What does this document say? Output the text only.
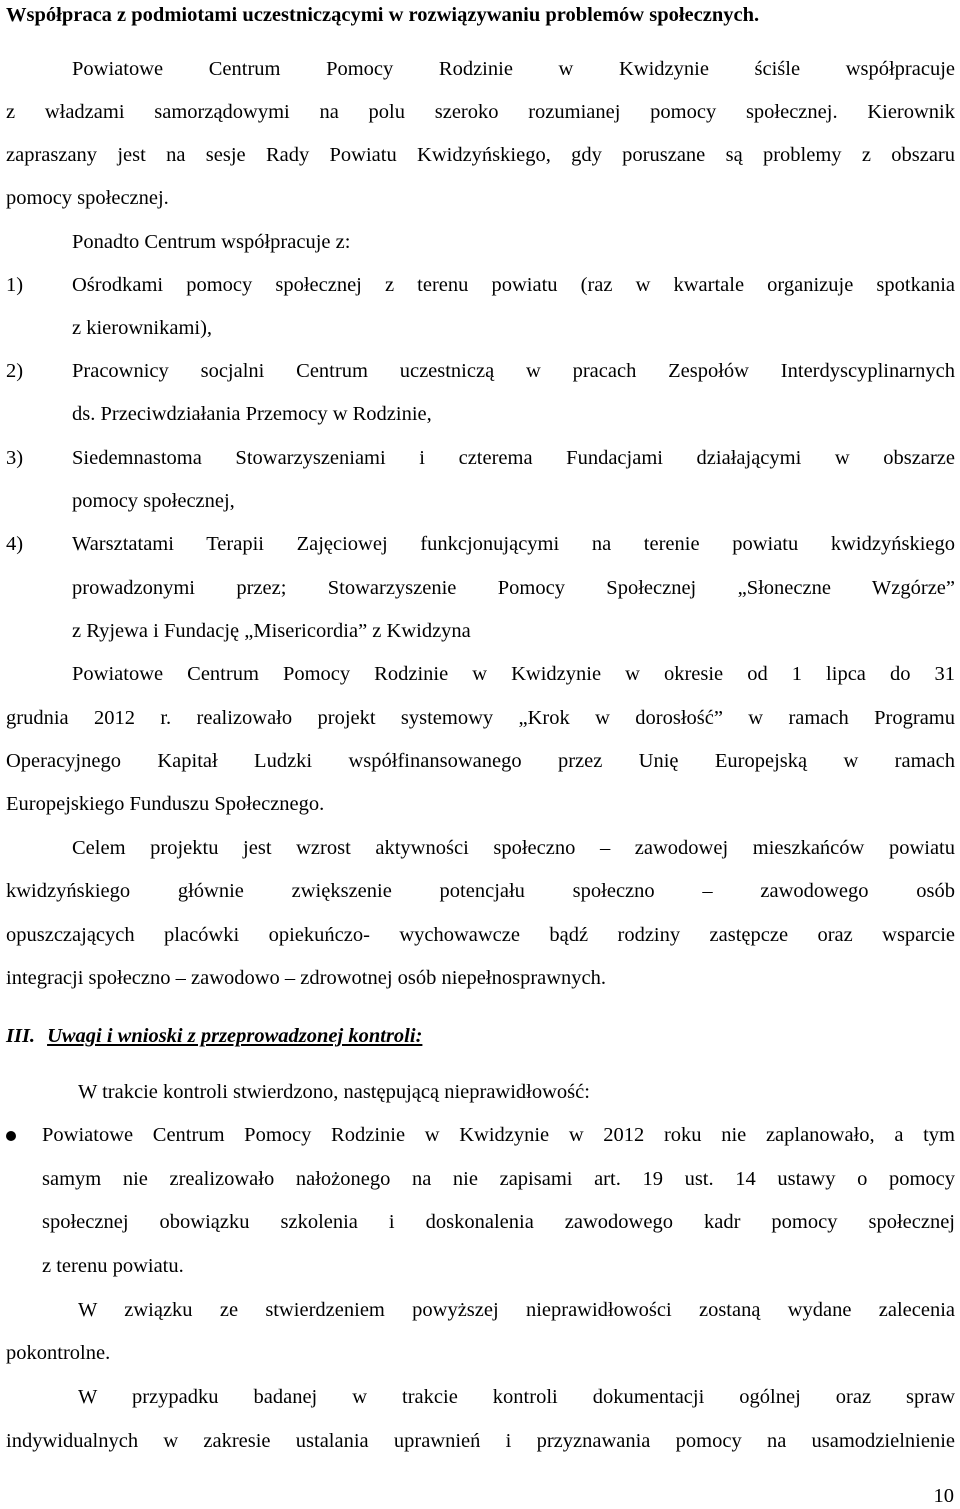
Współpraca z podmiotami uczestniczącymi w rozwiązywaniu problemów społecznych.
Powiatowe Centrum Pomocy Rodzinie w Kwidzynie ściśle współpracuje
z władzami samorządowymi na polu szeroko rozumianej pomocy społecznej. Kierownik
zapraszany jest na sesje Rady Powiatu Kwidzyńskiego, gdy poruszane są problemy z obszaru
pomocy społecznej.
Ponadto Centrum współpracuje z:
1) Ośrodkami pomocy społecznej z terenu powiatu (raz w kwartale organizuje spotkania
z kierownikami),
2) Pracownicy socjalni Centrum uczestniczą w pracach Zespołów Interdyscyplinarnych
ds. Przeciwdziałania Przemocy w Rodzinie,
3) Siedemnastoma Stowarzyszeniami i czterema Fundacjami działającymi w obszarze
pomocy społecznej,
4) Warsztatami Terapii Zajęciowej funkcjonującymi na terenie powiatu kwidzyńskiego
prowadzonymi przez; Stowarzyszenie Pomocy Społecznej „Słoneczne Wzgórze”
z Ryjewa i Fundację „Misericordia” z Kwidzyna
Powiatowe Centrum Pomocy Rodzinie w Kwidzynie w okresie od 1 lipca do 31
grudnia 2012 r. realizowało projekt systemowy „Krok w dorosłość” w ramach Programu
Operacyjnego Kapitał Ludzki współfinansowanego przez Unię Europejską w ramach
Europejskiego Funduszu Społecznego.
Celem projektu jest wzrost aktywności społeczno – zawodowej mieszkańców powiatu
kwidzyńskiego głównie zwiększenie potencjału społeczno – zawodowego osób
opuszczających placówki opiekuńczo- wychowawcze bądź rodziny zastępcze oraz wsparcie
integracji społeczno – zawodowo – zdrowotnej osób niepełnosprawnych.
III. Uwagi i wnioski z przeprowadzonej kontroli:
W trakcie kontroli stwierdzono, następującą nieprawidłowość:
Powiatowe Centrum Pomocy Rodzinie w Kwidzynie w 2012 roku nie zaplanowało, a tym
samym nie zrealizowało nałożonego na nie zapisami art. 19 ust. 14 ustawy o pomocy
społecznej obowiązku szkolenia i doskonalenia zawodowego kadr pomocy społecznej
z terenu powiatu.
W związku ze stwierdzeniem powyższej nieprawidłowości zostaną wydane zalecenia
pokontrolne.
W przypadku badanej w trakcie kontroli dokumentacji ogólnej oraz spraw
indywidualnych w zakresie ustalania uprawnień i przyznawania pomocy na usamodzielnienie
10
